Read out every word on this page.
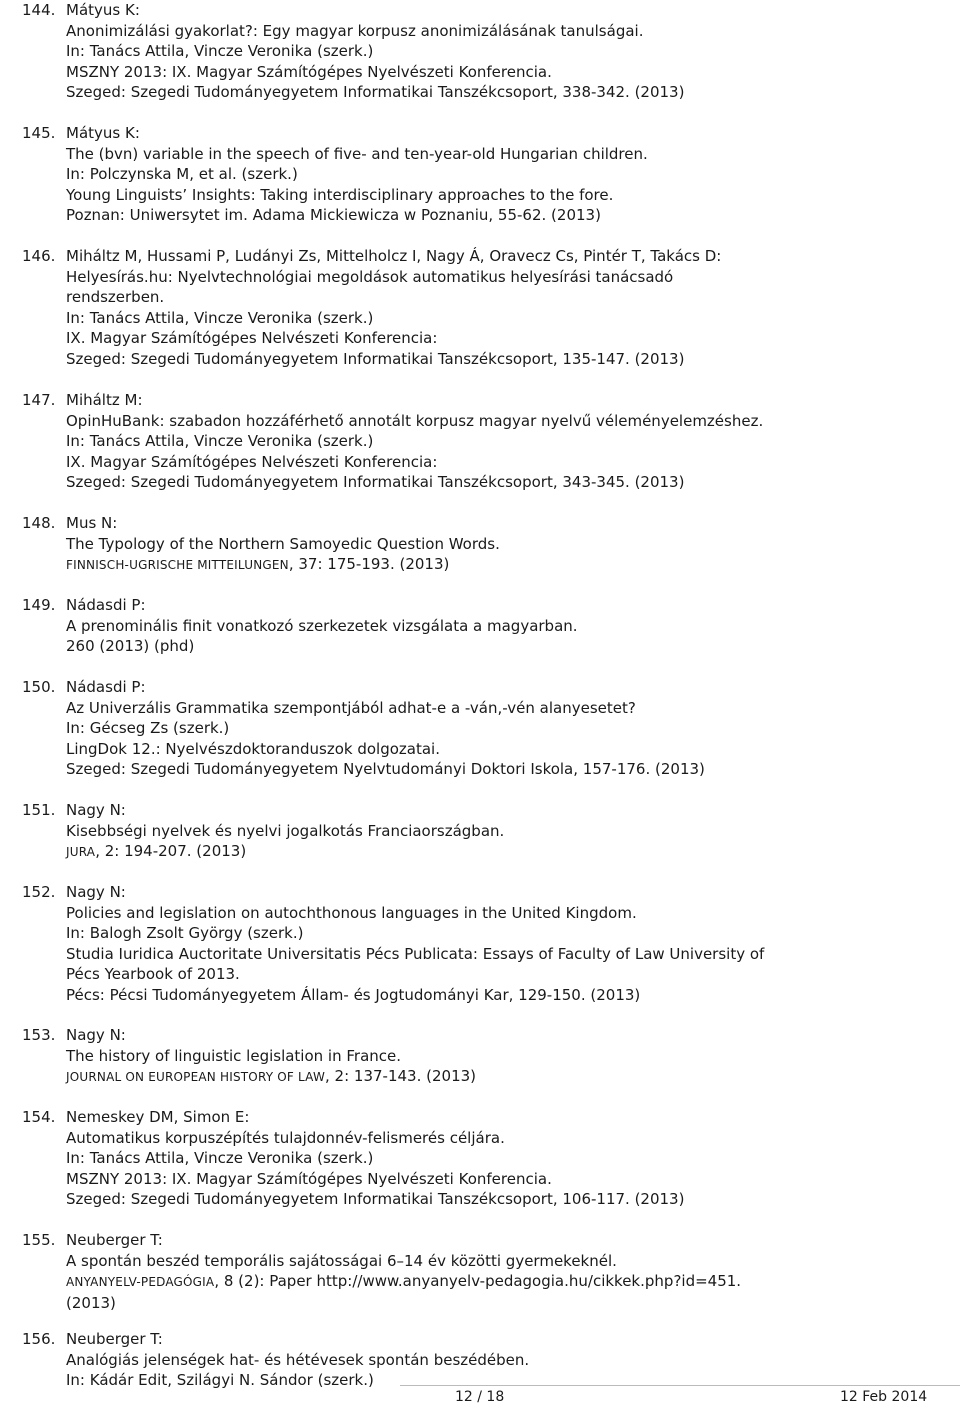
144. Mátyus K:
Anonimizálási gyakorlat?: Egy magyar korpusz anonimizálásának tanulságai.
In: Tanács Attila, Vincze Veronika (szerk.)
MSZNY 2013: IX. Magyar Számítógépes Nyelvészeti Konferencia.
Szeged: Szegedi Tudományegyetem Informatikai Tanszékcsoport, 338-342. (2013)
145. Mátyus K:
The (bvn) variable in the speech of five- and ten-year-old Hungarian children.
In: Polczynska M, et al. (szerk.)
Young Linguists’ Insights: Taking interdisciplinary approaches to the fore.
Poznan: Uniwersytet im. Adama Mickiewicza w Poznaniu, 55-62. (2013)
146. Miháltz M, Hussami P, Ludányi Zs, Mittelholcz I, Nagy Á, Oravecz Cs, Pintér T, Takács D:
Helyesírás.hu: Nyelvtechnológiai megoldások automatikus helyesírási tanácsadó
rendszerben.
In: Tanács Attila, Vincze Veronika (szerk.)
IX. Magyar Számítógépes Nelvészeti Konferencia:
Szeged: Szegedi Tudományegyetem Informatikai Tanszékcsoport, 135-147. (2013)
147. Miháltz M:
OpinHuBank: szabadon hozzáférhető annotált korpusz magyar nyelvű véleményelemzéshez.
In: Tanács Attila, Vincze Veronika (szerk.)
IX. Magyar Számítógépes Nelvészeti Konferencia:
Szeged: Szegedi Tudományegyetem Informatikai Tanszékcsoport, 343-345. (2013)
148. Mus N:
The Typology of the Northern Samoyedic Question Words.
FINNISCH-UGRISCHE MITTEILUNGEN, 37: 175-193. (2013)
149. Nádasdi P:
A prenominális finit vonatkozó szerkezetek vizsgálata a magyarban.
260 (2013) (phd)
150. Nádasdi P:
Az Univerzális Grammatika szempontjából adhat-e a -ván,-vén alanyesetet?
In: Gécseg Zs (szerk.)
LingDok 12.: Nyelvészdoktoranduszok dolgozatai.
Szeged: Szegedi Tudományegyetem Nyelvtudományi Doktori Iskola, 157-176. (2013)
151. Nagy N:
Kisebbségi nyelvek és nyelvi jogalkotás Franciaországban.
JURA, 2: 194-207. (2013)
152. Nagy N:
Policies and legislation on autochthonous languages in the United Kingdom.
In: Balogh Zsolt György (szerk.)
Studia Iuridica Auctoritate Universitatis Pécs Publicata: Essays of Faculty of Law University of
Pécs Yearbook of 2013.
Pécs: Pécsi Tudományegyetem Állam- és Jogtudományi Kar, 129-150. (2013)
153. Nagy N:
The history of linguistic legislation in France.
JOURNAL ON EUROPEAN HISTORY OF LAW, 2: 137-143. (2013)
154. Nemeskey DM, Simon E:
Automatikus korpuszépítés tulajdonnév-felismerés céljára.
In: Tanács Attila, Vincze Veronika (szerk.)
MSZNY 2013: IX. Magyar Számítógépes Nyelvészeti Konferencia.
Szeged: Szegedi Tudományegyetem Informatikai Tanszékcsoport, 106-117. (2013)
155. Neuberger T:
A spontán beszéd temporális sajátosságai 6–14 év közötti gyermekeknél.
ANYANYELV-PEDAGÓGIA, 8 (2): Paper http://www.anyanyelv-pedagogia.hu/cikkek.php?id=451.
(2013)
156. Neuberger T:
Analógiás jelenségek hat- és hétévesek spontán beszédében.
In: Kádár Edit, Szilágyi N. Sándor (szerk.)
12 / 18	12 Feb 2014
